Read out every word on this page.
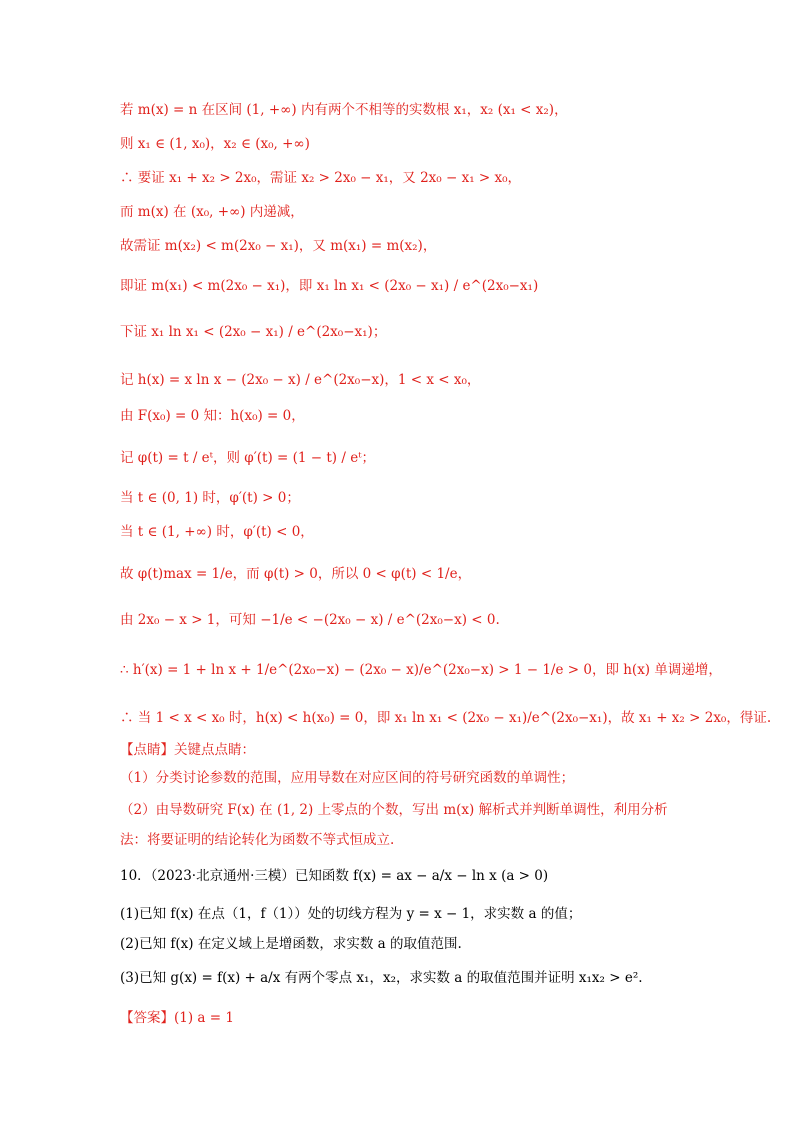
若 m(x) = n 在区间 (1, +∞) 内有两个不相等的实数根 x₁，x₂ (x₁ < x₂)，
则 x₁ ∈ (1, x₀)，x₂ ∈ (x₀, +∞)
∴ 要证 x₁ + x₂ > 2x₀，需证 x₂ > 2x₀ − x₁，又 2x₀ − x₁ > x₀，
而 m(x) 在 (x₀, +∞) 内递减，
故需证 m(x₂) < m(2x₀ − x₁)，又 m(x₁) = m(x₂)，
即证 m(x₁) < m(2x₀ − x₁)，即 x₁ ln x₁ < (2x₀ − x₁) / e^(2x₀−x₁)
下证 x₁ ln x₁ < (2x₀ − x₁) / e^(2x₀−x₁)；
记 h(x) = x ln x − (2x₀ − x) / e^(2x₀−x)，1 < x < x₀，
由 F(x₀) = 0 知：h(x₀) = 0，
记 φ(t) = t / eᵗ，则 φ′(t) = (1 − t) / eᵗ；
当 t ∈ (0, 1) 时，φ′(t) > 0；
当 t ∈ (1, +∞) 时，φ′(t) < 0，
故 φ(t)max = 1/e，而 φ(t) > 0，所以 0 < φ(t) < 1/e，
由 2x₀ − x > 1，可知 −1/e < −(2x₀ − x) / e^(2x₀−x) < 0.
∴ h′(x) = 1 + ln x + 1/e^(2x₀−x) − (2x₀ − x)/e^(2x₀−x) > 1 − 1/e > 0，即 h(x) 单调递增，
∴ 当 1 < x < x₀ 时，h(x) < h(x₀) = 0，即 x₁ ln x₁ < (2x₀ − x₁)/e^(2x₀−x₁)，故 x₁ + x₂ > 2x₀，得证.
【点睛】关键点点睛：
（1）分类讨论参数的范围，应用导数在对应区间的符号研究函数的单调性；
（2）由导数研究 F(x) 在 (1, 2) 上零点的个数，写出 m(x) 解析式并判断单调性，利用分析
法：将要证明的结论转化为函数不等式恒成立.
10．（2023·北京通州·三模）已知函数 f(x) = ax − a/x − ln x (a > 0)
(1)已知 f(x) 在点（1，f（1））处的切线方程为 y = x − 1，求实数 a 的值；
(2)已知 f(x) 在定义域上是增函数，求实数 a 的取值范围.
(3)已知 g(x) = f(x) + a/x 有两个零点 x₁，x₂，求实数 a 的取值范围并证明 x₁x₂ > e².
【答案】(1) a = 1
